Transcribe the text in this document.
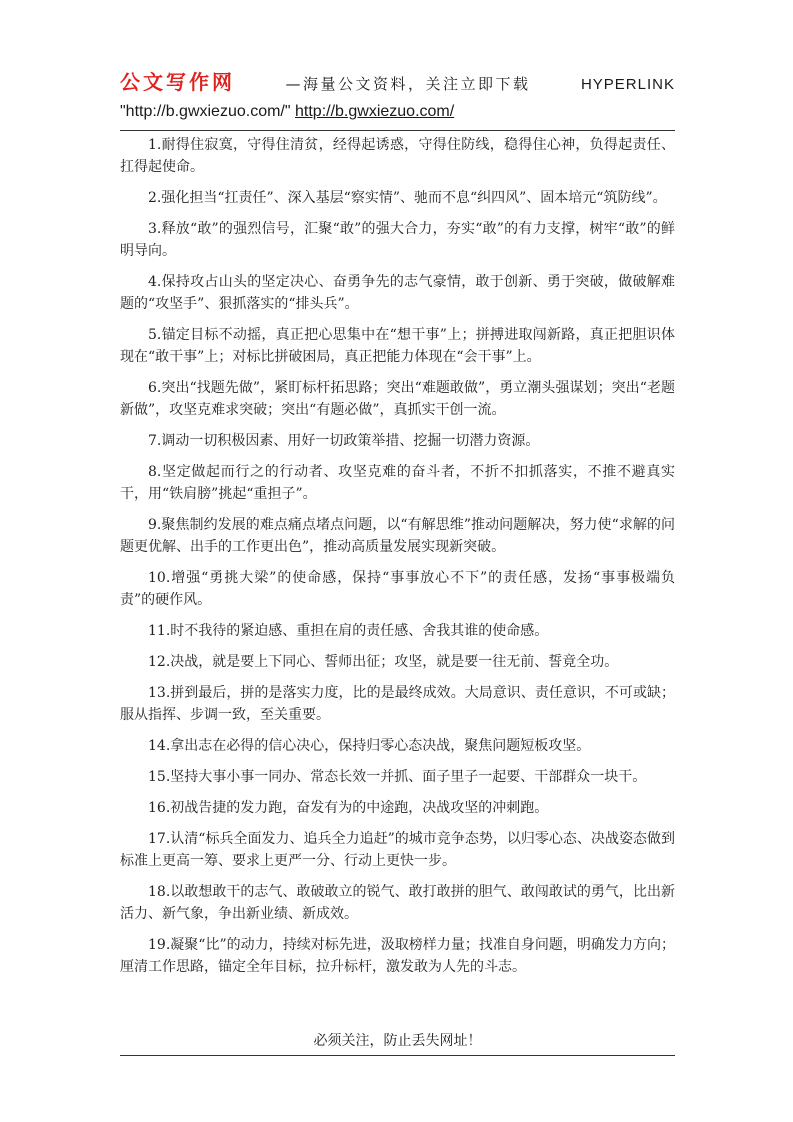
公文写作网	—海量公文资料，关注立即下载	HYPERLINK
"http://b.gwxiezuo.com/" http://b.gwxiezuo.com/

1.耐得住寂寞，守得住清贫，经得起诱惑，守得住防线，稳得住心神，负得起责任、扛得起使命。

2.强化担当“扛责任”、深入基层“察实情”、驰而不息“纠四风”、固本培元“筑防线”。

3.释放“敢”的强烈信号，汇聚“敢”的强大合力，夯实“敢”的有力支撑，树牢“敢”的鲜明导向。

4.保持攻占山头的坚定决心、奋勇争先的志气豪情，敢于创新、勇于突破，做破解难题的“攻坚手”、狠抓落实的“排头兵”。

5.锚定目标不动摇，真正把心思集中在“想干事”上；拼搏进取闯新路，真正把胆识体现在“敢干事”上；对标比拼破困局，真正把能力体现在“会干事”上。

6.突出“找题先做”，紧盯标杆拓思路；突出“难题敢做”，勇立潮头强谋划；突出“老题新做”，攻坚克难求突破；突出“有题必做”，真抓实干创一流。

7.调动一切积极因素、用好一切政策举措、挖掘一切潜力资源。

8.坚定做起而行之的行动者、攻坚克难的奋斗者，不折不扣抓落实，不推不避真实干，用“铁肩膀”挑起“重担子”。

9.聚焦制约发展的难点痛点堵点问题，以“有解思维”推动问题解决，努力使“求解的问题更优解、出手的工作更出色”，推动高质量发展实现新突破。

10.增强“勇挑大梁”的使命感，保持“事事放心不下”的责任感，发扬“事事极端负责”的硬作风。

11.时不我待的紧迫感、重担在肩的责任感、舍我其谁的使命感。

12.决战，就是要上下同心、誓师出征；攻坚，就是要一往无前、誓竟全功。

13.拼到最后，拼的是落实力度，比的是最终成效。大局意识、责任意识，不可或缺；服从指挥、步调一致，至关重要。

14.拿出志在必得的信心决心，保持归零心态决战，聚焦问题短板攻坚。

15.坚持大事小事一同办、常态长效一并抓、面子里子一起要、干部群众一块干。

16.初战告捷的发力跑，奋发有为的中途跑，决战攻坚的冲刺跑。

17.认清“标兵全面发力、追兵全力追赶”的城市竞争态势，以归零心态、决战姿态做到标准上更高一筹、要求上更严一分、行动上更快一步。

18.以敢想敢干的志气、敢破敢立的锐气、敢打敢拼的胆气、敢闯敢试的勇气，比出新活力、新气象，争出新业绩、新成效。

19.凝聚“比”的动力，持续对标先进，汲取榜样力量；找准自身问题，明确发力方向；厘清工作思路，锚定全年目标，拉升标杆，激发敢为人先的斗志。

必须关注，防止丢失网址！
